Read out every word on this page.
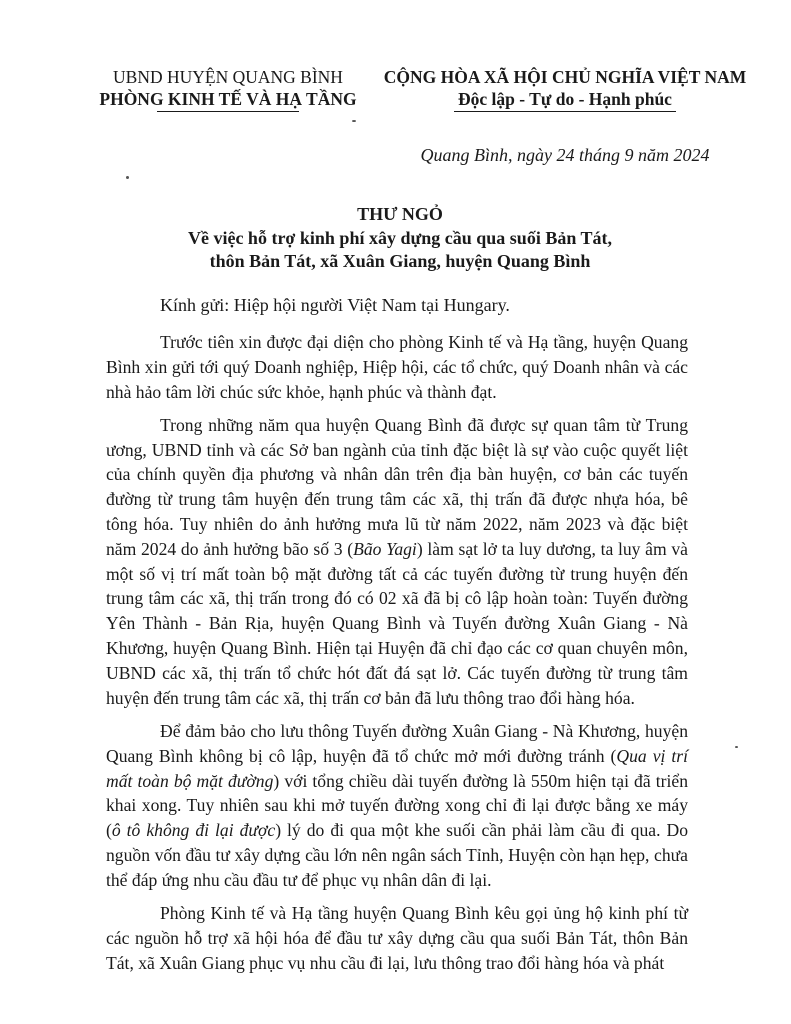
UBND HUYỆN QUANG BÌNH
PHÒNG KINH TẾ VÀ HẠ TẦNG
CỘNG HÒA XÃ HỘI CHỦ NGHĨA VIỆT NAM
Độc lập - Tự do - Hạnh phúc
Quang Bình, ngày 24 tháng 9 năm 2024
THƯ NGỎ
Về việc hỗ trợ kinh phí xây dựng cầu qua suối Bản Tát,
thôn Bản Tát, xã Xuân Giang, huyện Quang Bình
Kính gửi: Hiệp hội người Việt Nam tại Hungary.

Trước tiên xin được đại diện cho phòng Kinh tế và Hạ tầng, huyện Quang Bình xin gửi tới quý Doanh nghiệp, Hiệp hội, các tổ chức, quý Doanh nhân và các nhà hảo tâm lời chúc sức khỏe, hạnh phúc và thành đạt.

Trong những năm qua huyện Quang Bình đã được sự quan tâm từ Trung ương, UBND tỉnh và các Sở ban ngành của tỉnh đặc biệt là sự vào cuộc quyết liệt của chính quyền địa phương và nhân dân trên địa bàn huyện, cơ bản các tuyến đường từ trung tâm huyện đến trung tâm các xã, thị trấn đã được nhựa hóa, bê tông hóa. Tuy nhiên do ảnh hưởng mưa lũ từ năm 2022, năm 2023 và đặc biệt năm 2024 do ảnh hưởng bão số 3 (Bão Yagi) làm sạt lở ta luy dương, ta luy âm và một số vị trí mất toàn bộ mặt đường tất cả các tuyến đường từ trung huyện đến trung tâm các xã, thị trấn trong đó có 02 xã đã bị cô lập hoàn toàn: Tuyến đường Yên Thành - Bản Rịa, huyện Quang Bình và Tuyến đường Xuân Giang - Nà Khương, huyện Quang Bình. Hiện tại Huyện đã chỉ đạo các cơ quan chuyên môn, UBND các xã, thị trấn tổ chức hót đất đá sạt lở. Các tuyến đường từ trung tâm huyện đến trung tâm các xã, thị trấn cơ bản đã lưu thông trao đổi hàng hóa.

Để đảm bảo cho lưu thông Tuyến đường Xuân Giang - Nà Khương, huyện Quang Bình không bị cô lập, huyện đã tổ chức mở mới đường tránh (Qua vị trí mất toàn bộ mặt đường) với tổng chiều dài tuyến đường là 550m hiện tại đã triển khai xong. Tuy nhiên sau khi mở tuyến đường xong chỉ đi lại được bằng xe máy (ô tô không đi lại được) lý do đi qua một khe suối cần phải làm cầu đi qua. Do nguồn vốn đầu tư xây dựng cầu lớn nên ngân sách Tỉnh, Huyện còn hạn hẹp, chưa thể đáp ứng nhu cầu đầu tư để phục vụ nhân dân đi lại.

Phòng Kinh tế và Hạ tầng huyện Quang Bình kêu gọi ủng hộ kinh phí từ các nguồn hỗ trợ xã hội hóa để đầu tư xây dựng cầu qua suối Bản Tát, thôn Bản Tát, xã Xuân Giang phục vụ nhu cầu đi lại, lưu thông trao đổi hàng hóa và phát
